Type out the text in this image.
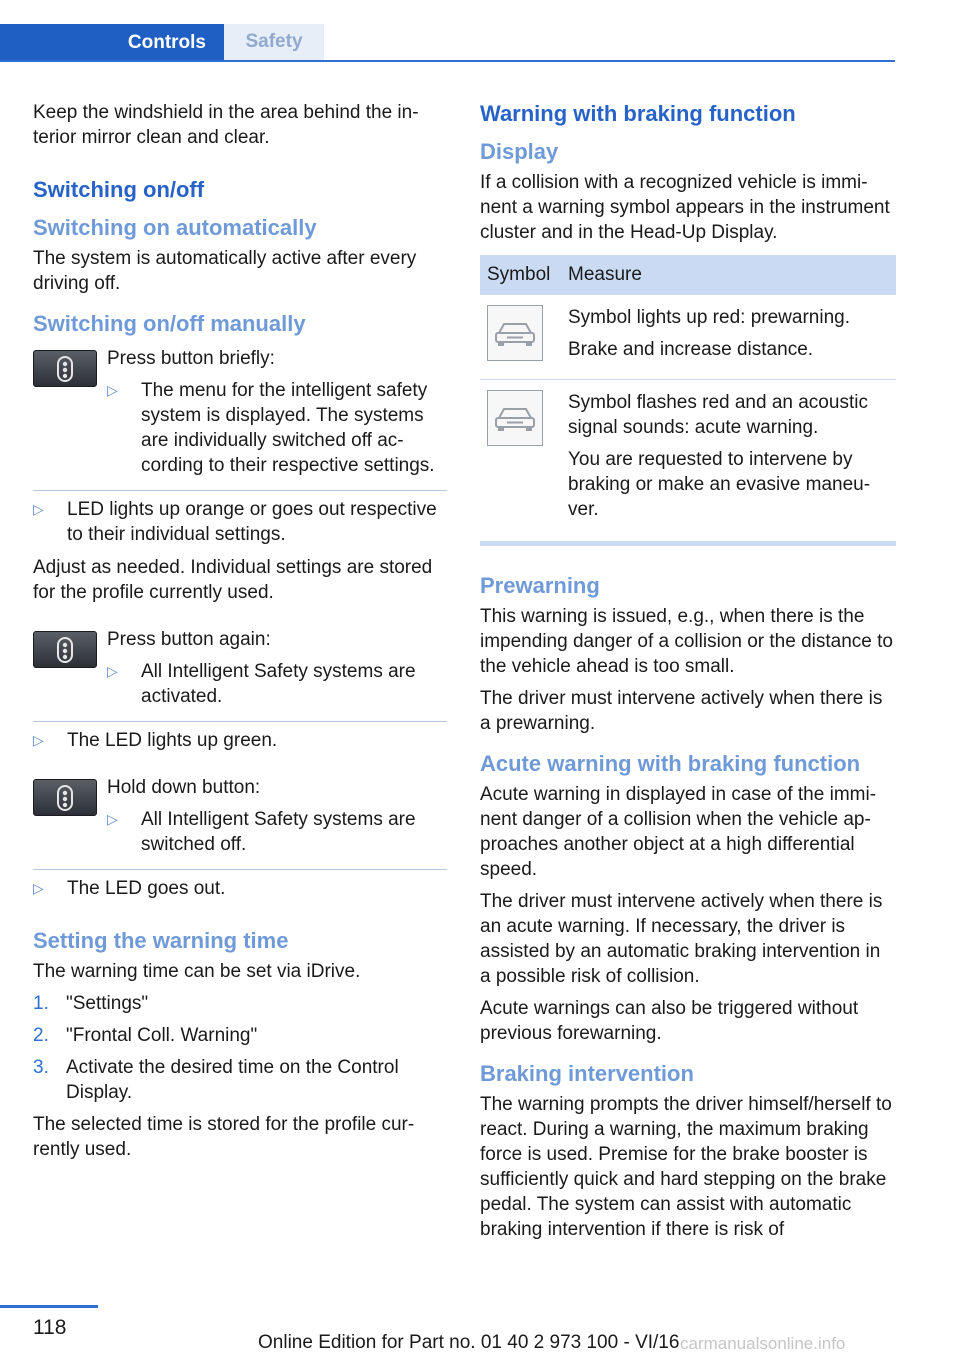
Controls	Safety

Keep the windshield in the area behind the interior mirror clean and clear.

Switching on/off
Switching on automatically

The system is automatically active after every driving off.

Switching on/off manually

Press button briefly:

▷ The menu for the intelligent safety system is displayed. The systems are individually switched off according to their respective settings.
▷ LED lights up orange or goes out respective to their individual settings.

Adjust as needed. Individual settings are stored for the profile currently used.

Press button again:

▷ All Intelligent Safety systems are activated.
▷ The LED lights up green.

Hold down button:

▷ All Intelligent Safety systems are switched off.
▷ The LED goes out.
Setting the warning time

The warning time can be set via iDrive.

1. "Settings"
2. "Frontal Coll. Warning"
3. Activate the desired time on the Control Display.

The selected time is stored for the profile currently used.

Warning with braking function
Display

If a collision with a recognized vehicle is imminent a warning symbol appears in the instrument cluster and in the Head-Up Display.

Symbol	Measure

Symbol lights up red: prewarning.

Brake and increase distance.

Symbol flashes red and an acoustic signal sounds: acute warning.

You are requested to intervene by braking or make an evasive maneuver.

Prewarning

This warning is issued, e.g., when there is the impending danger of a collision or the distance to the vehicle ahead is too small.

The driver must intervene actively when there is a prewarning.

Acute warning with braking function

Acute warning in displayed in case of the imminent danger of a collision when the vehicle approaches another object at a high differential speed.

The driver must intervene actively when there is an acute warning. If necessary, the driver is assisted by an automatic braking intervention in a possible risk of collision.

Acute warnings can also be triggered without previous forewarning.

Braking intervention

The warning prompts the driver himself/herself to react. During a warning, the maximum braking force is used. Premise for the brake booster is sufficiently quick and hard stepping on the brake pedal. The system can assist with automatic braking intervention if there is risk of

118
Online Edition for Part no. 01 40 2 973 100 - VI/16 carmanualsonline.info
